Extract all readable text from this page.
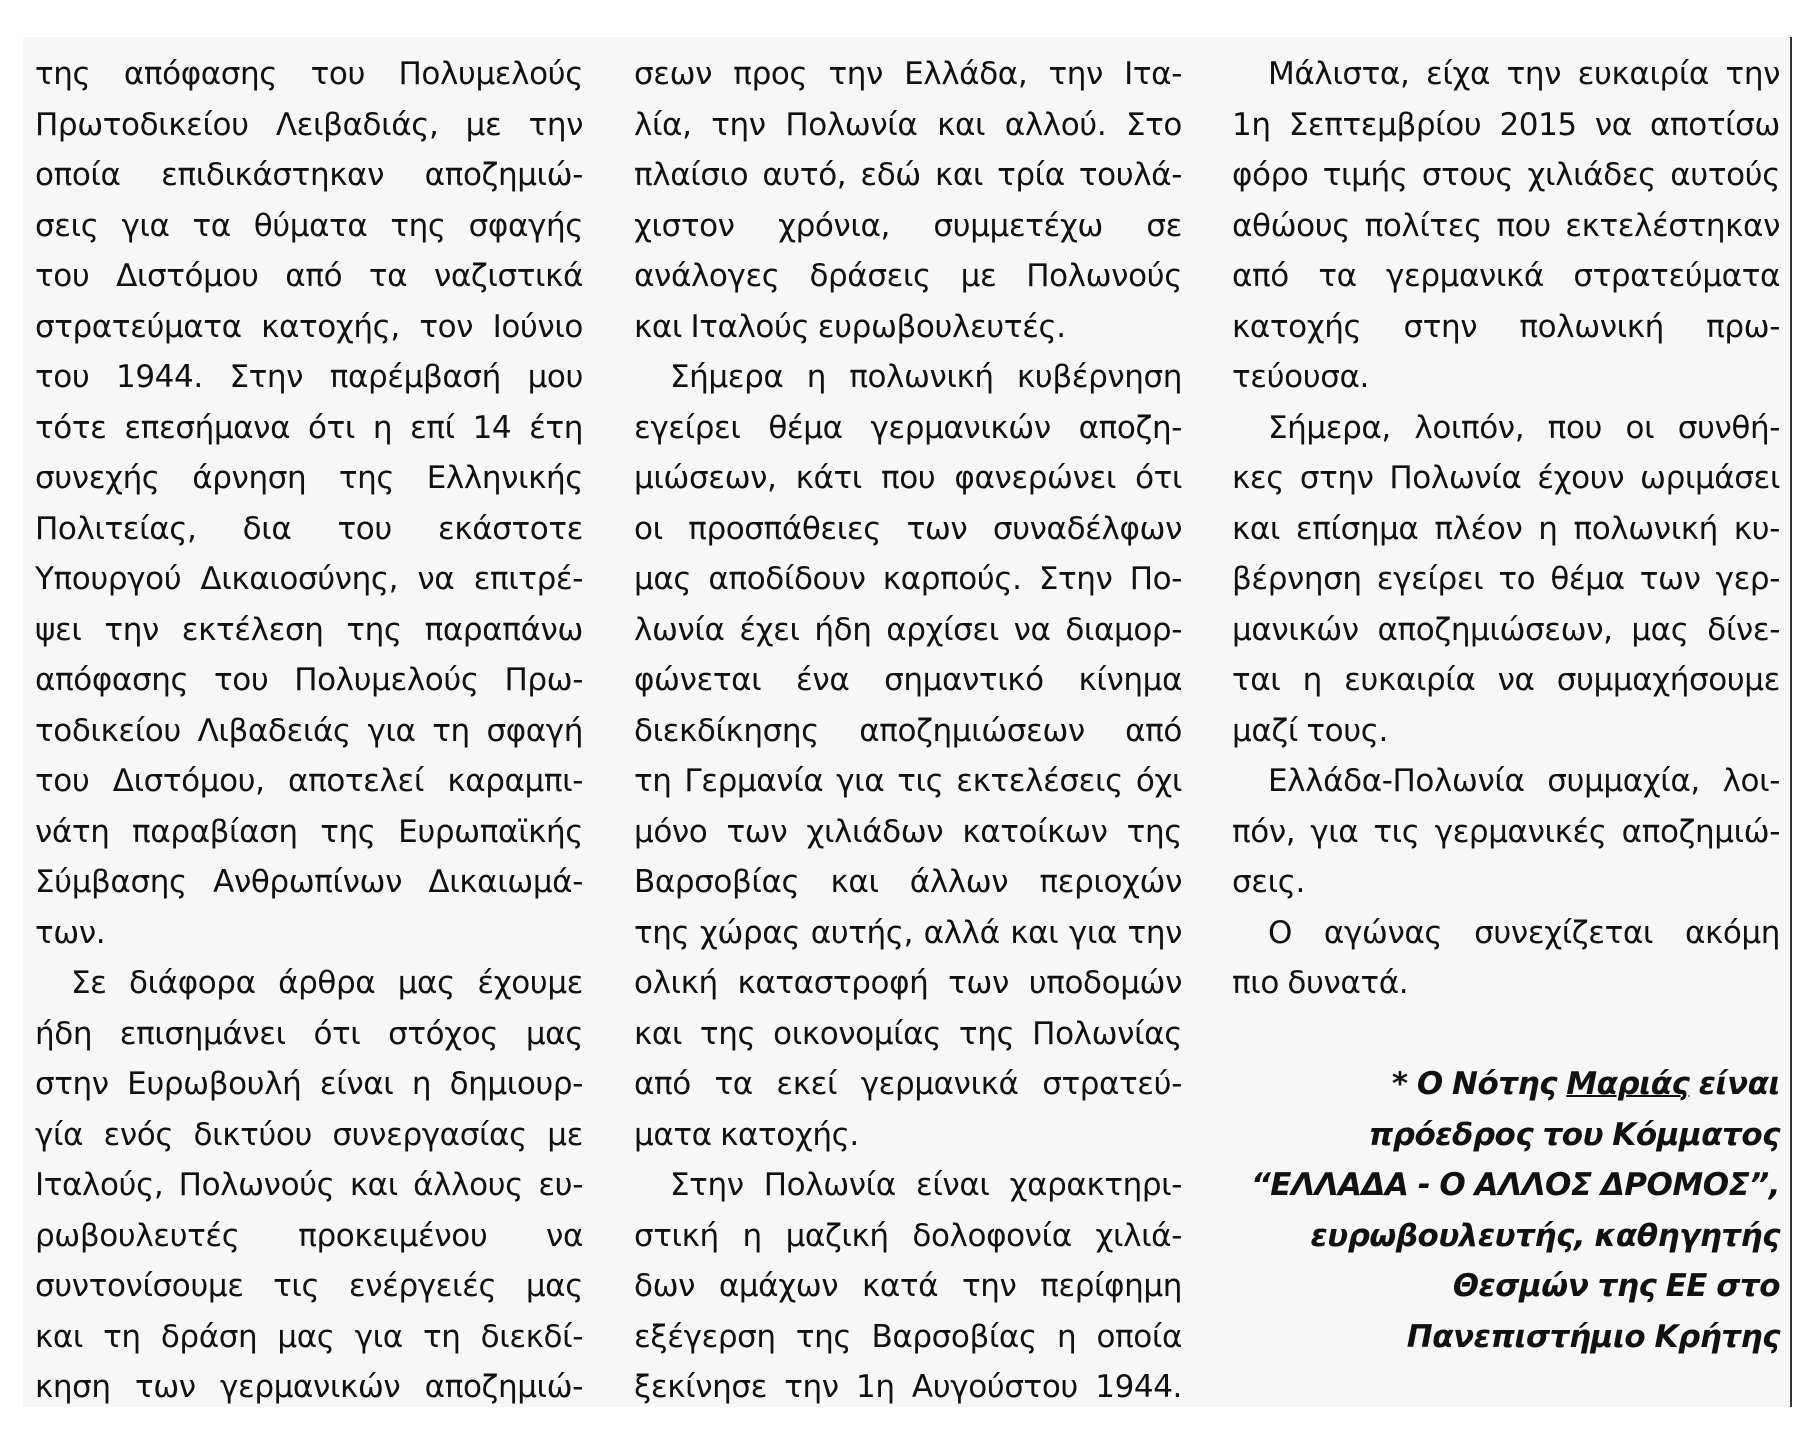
της απόφασης του Πολυμελούς
Πρωτοδικείου Λειβαδιάς, με την
οποία επιδικάστηκαν αποζημιώ-
σεις για τα θύματα της σφαγής
του Διστόμου από τα ναζιστικά
στρατεύματα κατοχής, τον Ιούνιο
του 1944. Στην παρέμβασή μου
τότε επεσήμανα ότι η επί 14 έτη
συνεχής άρνηση της Ελληνικής
Πολιτείας, δια του εκάστοτε
Υπουργού Δικαιοσύνης, να επιτρέ-
ψει την εκτέλεση της παραπάνω
απόφασης του Πολυμελούς Πρω-
τοδικείου Λιβαδειάς για τη σφαγή
του Διστόμου, αποτελεί καραμπι-
νάτη παραβίαση της Ευρωπαϊκής
Σύμβασης Ανθρωπίνων Δικαιωμά-
των.
Σε διάφορα άρθρα μας έχουμε
ήδη επισημάνει ότι στόχος μας
στην Ευρωβουλή είναι η δημιουρ-
γία ενός δικτύου συνεργασίας με
Ιταλούς, Πολωνούς και άλλους ευ-
ρωβουλευτές προκειμένου να
συντονίσουμε τις ενέργειές μας
και τη δράση μας για τη διεκδί-
κηση των γερμανικών αποζημιώ-
σεων προς την Ελλάδα, την Ιτα-
λία, την Πολωνία και αλλού. Στο
πλαίσιο αυτό, εδώ και τρία τουλά-
χιστον χρόνια, συμμετέχω σε
ανάλογες δράσεις με Πολωνούς
και Ιταλούς ευρωβουλευτές.
Σήμερα η πολωνική κυβέρνηση
εγείρει θέμα γερμανικών αποζη-
μιώσεων, κάτι που φανερώνει ότι
οι προσπάθειες των συναδέλφων
μας αποδίδουν καρπούς. Στην Πο-
λωνία έχει ήδη αρχίσει να διαμορ-
φώνεται ένα σημαντικό κίνημα
διεκδίκησης αποζημιώσεων από
τη Γερμανία για τις εκτελέσεις όχι
μόνο των χιλιάδων κατοίκων της
Βαρσοβίας και άλλων περιοχών
της χώρας αυτής, αλλά και για την
ολική καταστροφή των υποδομών
και της οικονομίας της Πολωνίας
από τα εκεί γερμανικά στρατεύ-
ματα κατοχής.
Στην Πολωνία είναι χαρακτηρι-
στική η μαζική δολοφονία χιλιά-
δων αμάχων κατά την περίφημη
εξέγερση της Βαρσοβίας η οποία
ξεκίνησε την 1η Αυγούστου 1944.
Μάλιστα, είχα την ευκαιρία την
1η Σεπτεμβρίου 2015 να αποτίσω
φόρο τιμής στους χιλιάδες αυτούς
αθώους πολίτες που εκτελέστηκαν
από τα γερμανικά στρατεύματα
κατοχής στην πολωνική πρω-
τεύουσα.
Σήμερα, λοιπόν, που οι συνθή-
κες στην Πολωνία έχουν ωριμάσει
και επίσημα πλέον η πολωνική κυ-
βέρνηση εγείρει το θέμα των γερ-
μανικών αποζημιώσεων, μας δίνε-
ται η ευκαιρία να συμμαχήσουμε
μαζί τους.
Ελλάδα-Πολωνία συμμαχία, λοι-
πόν, για τις γερμανικές αποζημιώ-
σεις.
Ο αγώνας συνεχίζεται ακόμη
πιο δυνατά.
* Ο Νότης Μαριάς είναι
πρόεδρος του Κόμματος
“ΕΛΛΑΔΑ - Ο ΑΛΛΟΣ ΔΡΟΜΟΣ”,
ευρωβουλευτής, καθηγητής
Θεσμών της ΕΕ στο
Πανεπιστήμιο Κρήτης
